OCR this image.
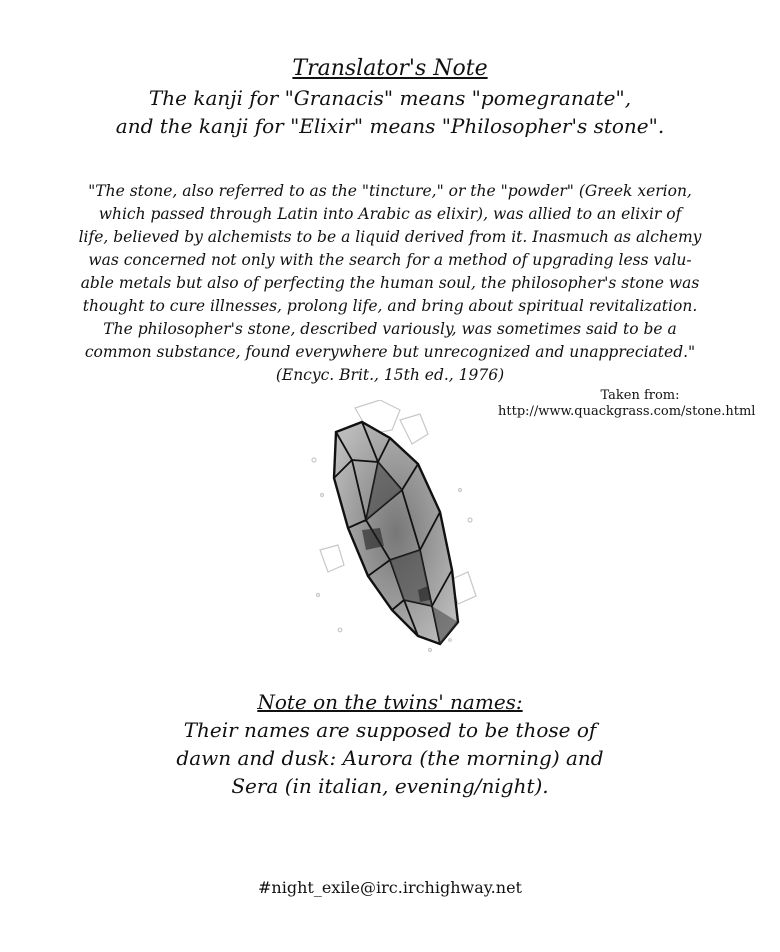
Translator's Note
The kanji for "Granacis" means "pomegranate",
and the kanji for "Elixir" means "Philosopher's stone".
"The stone, also referred to as the "tincture," or the "powder" (Greek xerion,
which passed through Latin into Arabic as elixir), was allied to an elixir of
life, believed by alchemists to be a liquid derived from it. Inasmuch as alchemy
was concerned not only with the search for a method of upgrading less valu-
able metals but also of perfecting the human soul, the philosopher's stone was
thought to cure illnesses, prolong life, and bring about spiritual revitalization.
The philosopher's stone, described variously, was sometimes said to be a
common substance, found everywhere but unrecognized and unappreciated."
(Encyc. Brit., 15th ed., 1976)
Taken from:
http://www.quackgrass.com/stone.html
Note on the twins' names:
Their names are supposed to be those of
dawn and dusk: Aurora (the morning) and
Sera (in italian, evening/night).
#night_exile@irc.irchighway.net
